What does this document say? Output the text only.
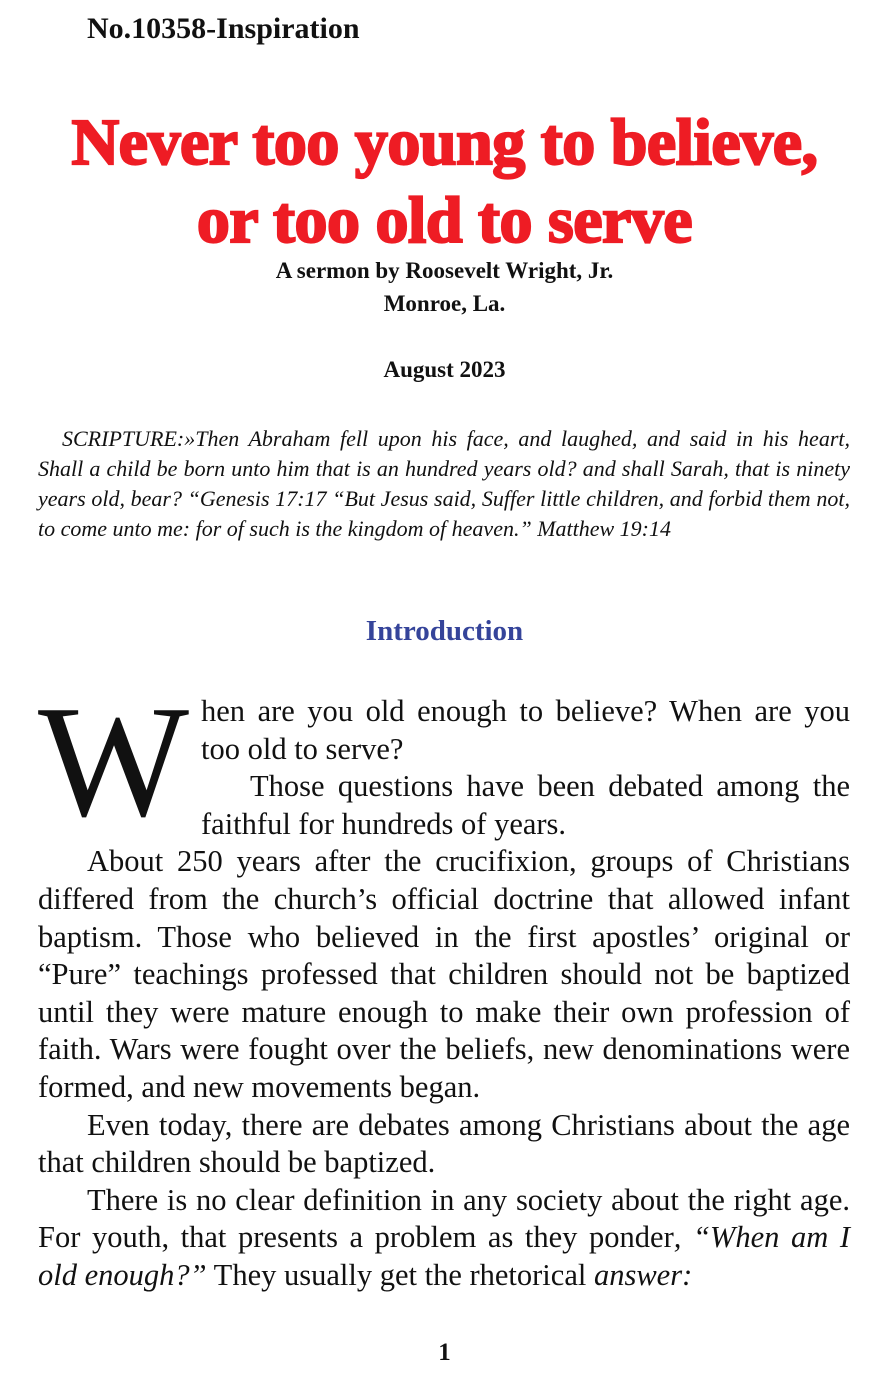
No.10358-Inspiration

Never too young to believe,
or too old to serve

A sermon by Roosevelt Wright, Jr.

Monroe, La.

August 2023

SCRIPTURE:»Then Abraham fell upon his face, and laughed, and said in his heart, Shall a child be born unto him that is an hundred years old? and shall Sarah, that is ninety years old, bear? “Genesis 17:17 “But Jesus said, Suffer little children, and forbid them not, to come unto me: for of such is the kingdom of heaven.” Matthew 19:14

Introduction

When are you old enough to believe? When are you too old to serve?
Those questions have been debated among the faithful for hundreds of years.

About 250 years after the crucifixion, groups of Christians differed from the church’s official doctrine that allowed infant baptism. Those who believed in the first apostles’ original or “Pure” teachings professed that children should not be baptized until they were mature enough to make their own profession of faith. Wars were fought over the beliefs, new denominations were formed, and new movements began.

Even today, there are debates among Christians about the age that children should be baptized.

There is no clear definition in any society about the right age. For youth, that presents a problem as they ponder, “When am I old enough?” They usually get the rhetorical answer:

1
